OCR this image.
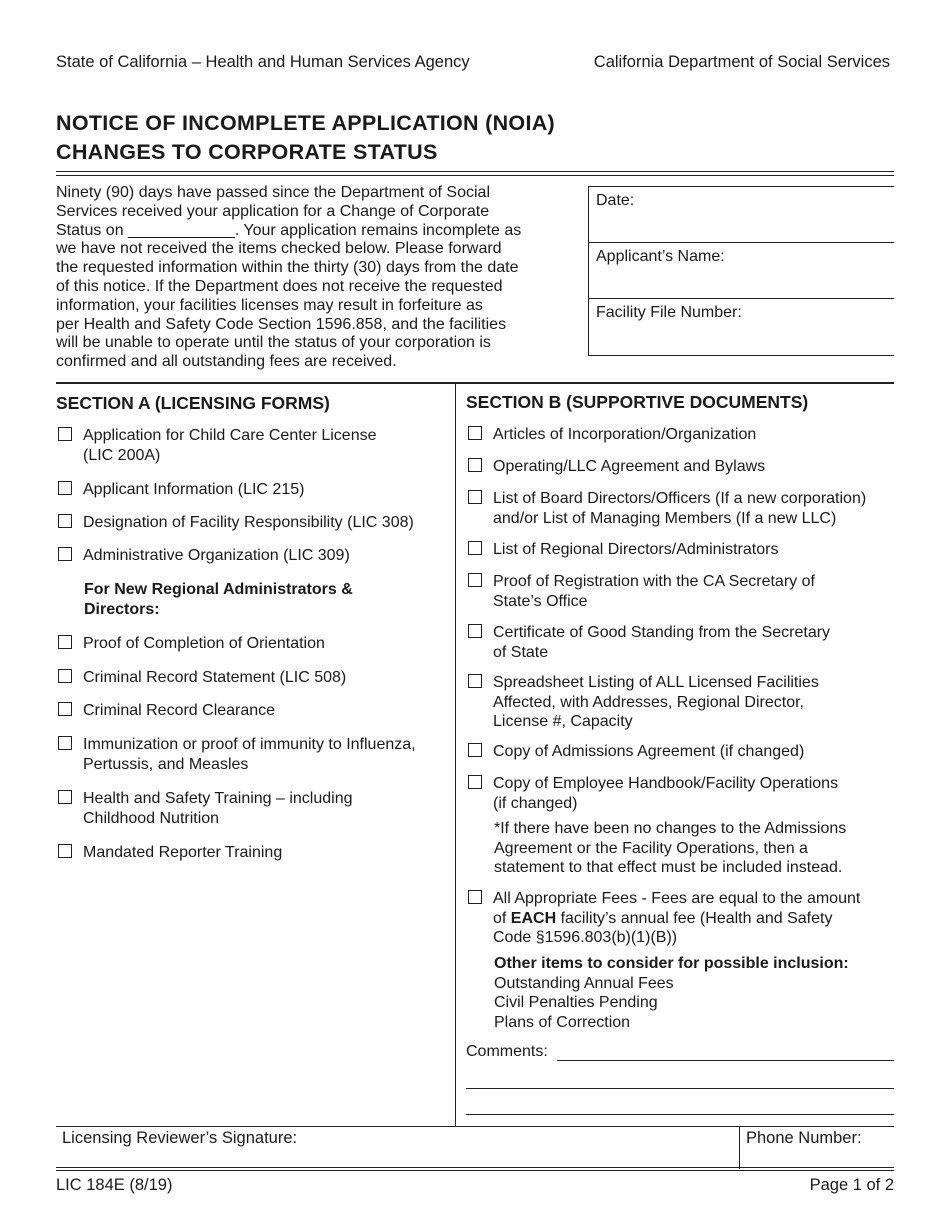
State of California – Health and Human Services Agency	California Department of Social Services
NOTICE OF INCOMPLETE APPLICATION (NOIA)
CHANGES TO CORPORATE STATUS
Ninety (90) days have passed since the Department of Social
Services received your application for a Change of Corporate
Status on ____________. Your application remains incomplete as
we have not received the items checked below. Please forward
the requested information within the thirty (30) days from the date
of this notice. If the Department does not receive the requested
information, your facilities licenses may result in forfeiture as
per Health and Safety Code Section 1596.858, and the facilities
will be unable to operate until the status of your corporation is
confirmed and all outstanding fees are received.
Date:
Applicant’s Name:
Facility File Number:
SECTION A (LICENSING FORMS)
Application for Child Care Center License
(LIC 200A)
Applicant Information (LIC 215)
Designation of Facility Responsibility (LIC 308)
Administrative Organization (LIC 309)
For New Regional Administrators &
Directors:
Proof of Completion of Orientation
Criminal Record Statement (LIC 508)
Criminal Record Clearance
Immunization or proof of immunity to Influenza,
Pertussis, and Measles
Health and Safety Training – including
Childhood Nutrition
Mandated Reporter Training
SECTION B (SUPPORTIVE DOCUMENTS)
Articles of Incorporation/Organization
Operating/LLC Agreement and Bylaws
List of Board Directors/Officers (If a new corporation)
and/or List of Managing Members (If a new LLC)
List of Regional Directors/Administrators
Proof of Registration with the CA Secretary of
State’s Office
Certificate of Good Standing from the Secretary
of State
Spreadsheet Listing of ALL Licensed Facilities
Affected, with Addresses, Regional Director,
License #, Capacity
Copy of Admissions Agreement (if changed)
Copy of Employee Handbook/Facility Operations
(if changed)
*If there have been no changes to the Admissions
Agreement or the Facility Operations, then a
statement to that effect must be included instead.
All Appropriate Fees - Fees are equal to the amount
of EACH facility’s annual fee (Health and Safety
Code §1596.803(b)(1)(B))
Other items to consider for possible inclusion:
Outstanding Annual Fees
Civil Penalties Pending
Plans of Correction
Comments:
Licensing Reviewer’s Signature:	Phone Number:
LIC 184E (8/19)	Page 1 of 2
